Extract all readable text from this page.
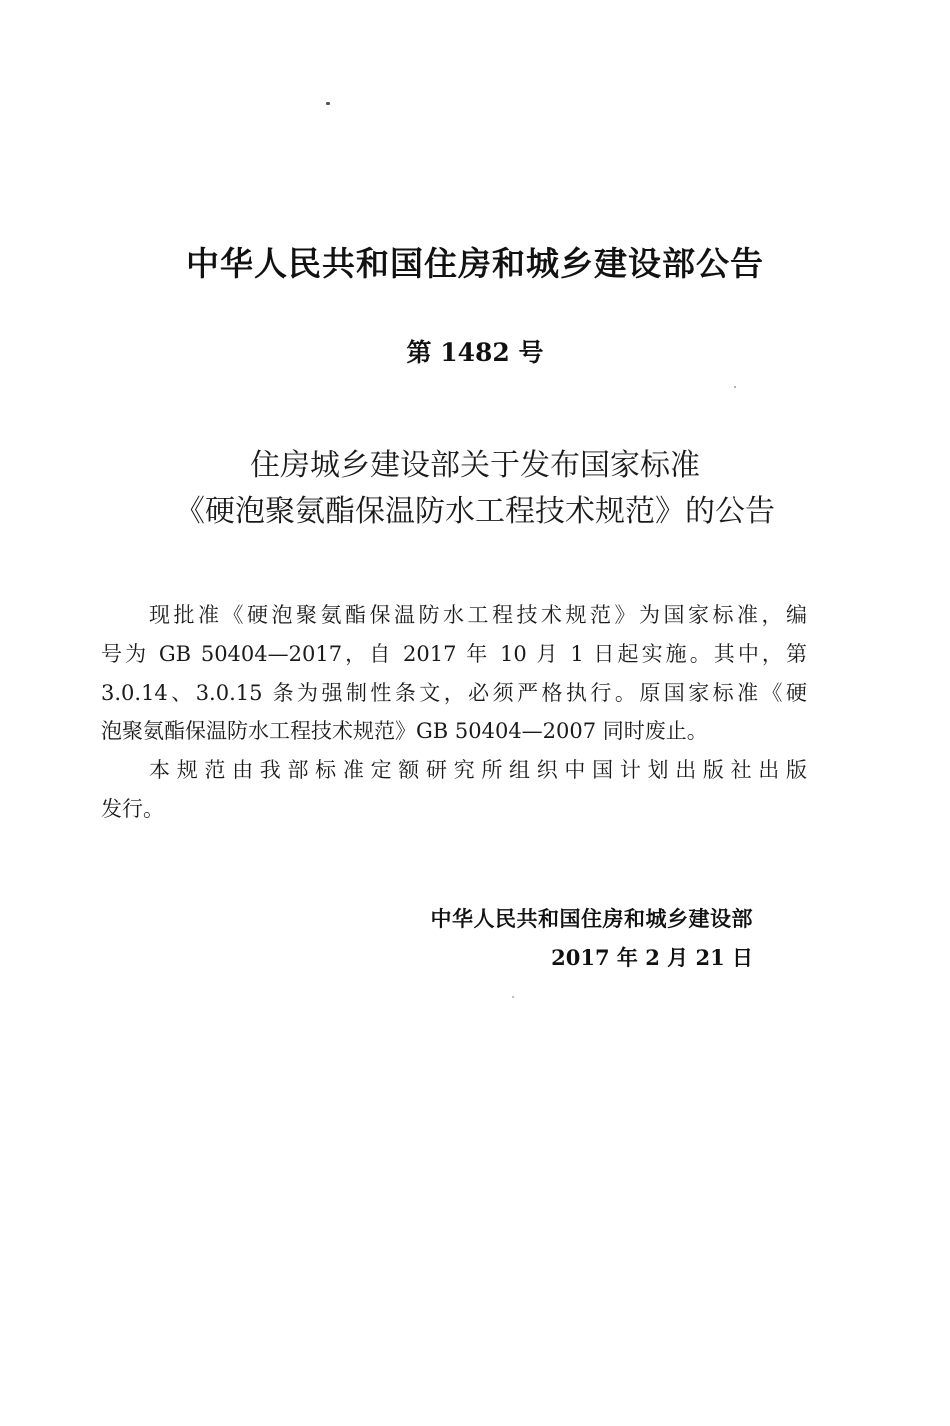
中华人民共和国住房和城乡建设部公告
第 1482 号
住房城乡建设部关于发布国家标准
《硬泡聚氨酯保温防水工程技术规范》的公告
现批准《硬泡聚氨酯保温防水工程技术规范》为国家标准，编
号为 GB 50404—2017，自 2017 年 10 月 1 日起实施。其中，第
3.0.14、3.0.15 条为强制性条文，必须严格执行。原国家标准《硬
泡聚氨酯保温防水工程技术规范》GB 50404—2007 同时废止。
本规范由我部标准定额研究所组织中国计划出版社出版
发行。
中华人民共和国住房和城乡建设部
2017 年 2 月 21 日
